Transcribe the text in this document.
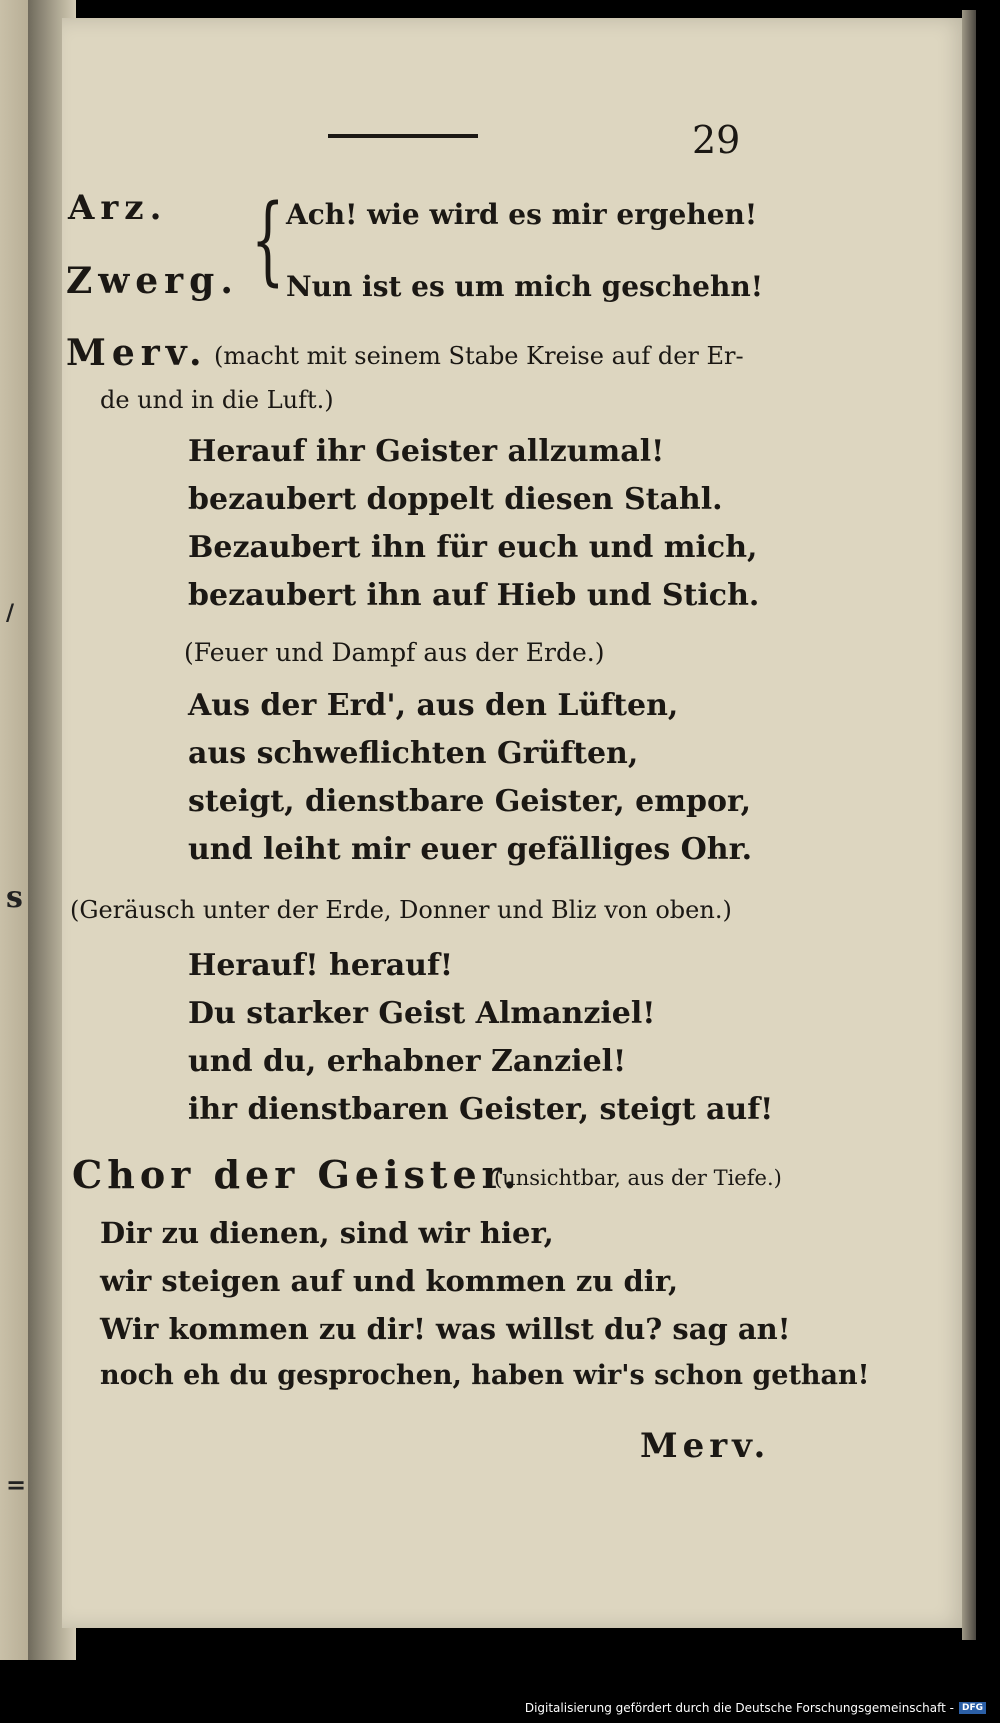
/
s
=
29
Arz. { Ach! wie wird es mir ergehen!
Zwerg. Nun ist es um mich geschehn!
Merv. (macht mit seinem Stabe Kreise auf der Er-
de und in die Luft.)
Herauf ihr Geister allzumal!
bezaubert doppelt diesen Stahl.
Bezaubert ihn für euch und mich,
bezaubert ihn auf Hieb und Stich.
(Feuer und Dampf aus der Erde.)
Aus der Erd', aus den Lüften,
aus schweflichten Grüften,
steigt, dienstbare Geister, empor,
und leiht mir euer gefälliges Ohr.
(Geräusch unter der Erde, Donner und Bliz von oben.)
Herauf! herauf!
Du starker Geist Almanziel!
und du, erhabner Zanziel!
ihr dienstbaren Geister, steigt auf!
Chor der Geister.
(unsichtbar, aus der Tiefe.)
Dir zu dienen, sind wir hier,
wir steigen auf und kommen zu dir,
Wir kommen zu dir! was willst du? sag an!
noch eh du gesprochen, haben wir's schon gethan!
Merv.
Digitalisierung gefördert durch die Deutsche Forschungsgemeinschaft - DFG
